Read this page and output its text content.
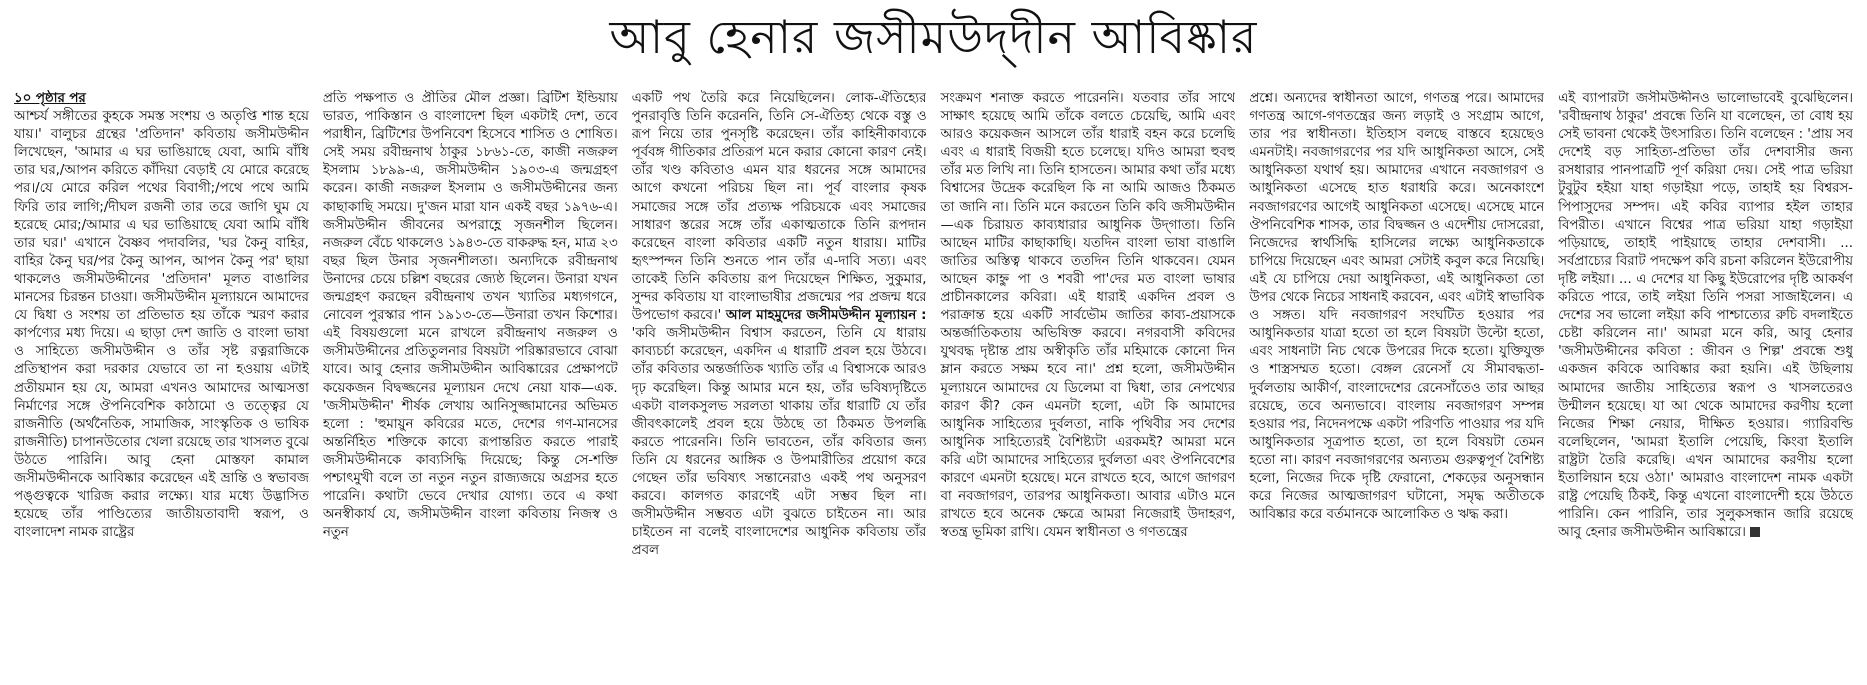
আবু হেনার জসীমউদ্‌দীন আবিষ্কার

১০ পৃষ্ঠার পর
আশ্চর্য সঙ্গীতের কুহকে সমস্ত সংশয় ও অতৃপ্তি শান্ত হয়ে যায়।' বালুচর গ্রন্থের 'প্রতিদান' কবিতায় জসীমউদ্দীন লিখেছেন, 'আমার এ ঘর ভাঙিয়াছে যেবা, আমি বাঁধি তার ঘর,/আপন করিতে কাঁদিয়া বেড়াই যে মোরে করেছে পর।/যে মোরে করিল পথের বিবাগী;/পথে পথে আমি ফিরি তার লাগি;/দীঘল রজনী তার তরে জাগি ঘুম যে হরেছে মোর;/আমার এ ঘর ভাঙিয়াছে যেবা আমি বাঁধি তার ঘর।' এখানে বৈষ্ণব পদাবলির, 'ঘর কৈনু বাহির, বাহির কৈনু ঘর/পর কৈনু আপন, আপন কৈনু পর' ছায়া থাকলেও জসীমউদ্দীনের 'প্রতিদান' মূলত বাঙালির মানসের চিরন্তন চাওয়া। জসীমউদ্দীন মূল্যায়নে আমাদের যে দ্বিধা ও সংশয় তা প্রতিভাত হয় তাঁকে স্মরণ করার কার্পণ্যের মধ্য দিয়ে। এ ছাড়া দেশ জাতি ও বাংলা ভাষা ও সাহিত্যে জসীমউদ্দীন ও তাঁর সৃষ্ট রত্নরাজিকে প্রতিস্থাপন করা দরকার যেভাবে তা না হওয়ায় এটাই প্রতীয়মান হয় যে, আমরা এখনও আমাদের আত্মসত্তা নির্মাণের সঙ্গে ঔপনিবেশিক কাঠামো ও তত্ত্বের যে রাজনীতি (অর্থনৈতিক, সামাজিক, সাংস্কৃতিক ও ভাষিক রাজনীতি) চাপানউতোর খেলা রয়েছে তার খাসলত বুঝে উঠতে পারিনি। আবু হেনা মোস্তফা কামাল জসীমউদ্দীনকে আবিষ্কার করেছেন এই ভ্রান্তি ও স্বভাবজ পঙ্গুত্বকে খারিজ করার লক্ষ্যে। যার মধ্যে উদ্ভাসিত হয়েছে তাঁর পাণ্ডিত্যের জাতীয়তাবাদী স্বরূপ, ও বাংলাদেশ নামক রাষ্ট্রের

প্রতি পক্ষপাত ও প্রীতির মৌল প্রজ্ঞা। ব্রিটিশ ইন্ডিয়ায় ভারত, পাকিস্তান ও বাংলাদেশ ছিল একটাই দেশ, তবে পরাধীন, ব্রিটিশের উপনিবেশ হিসেবে শাসিত ও শোষিত। সেই সময় রবীন্দ্রনাথ ঠাকুর ১৮৬১-তে, কাজী নজরুল ইসলাম ১৮৯৯-এ, জসীমউদ্দীন ১৯০৩-এ জন্মগ্রহণ করেন। কাজী নজরুল ইসলাম ও জসীমউদ্দীনের জন্য কাছাকাছি সময়ে। দু'জন মারা যান একই বছর ১৯৭৬-এ। জসীমউদ্দীন জীবনের অপরাহ্ণে সৃজনশীল ছিলেন। নজরুল বেঁচে থাকলেও ১৯৪৩-তে বাকরুদ্ধ হন, মাত্র ২৩ বছর ছিল উনার সৃজনশীলতা। অন্যদিকে রবীন্দ্রনাথ উনাদের চেয়ে চল্লিশ বছরের জ্যেষ্ঠ ছিলেন। উনারা যখন জন্মগ্রহণ করছেন রবীন্দ্রনাথ তখন খ্যাতির মধ্যগগনে, নোবেল পুরস্কার পান ১৯১৩-তে—উনারা তখন কিশোর। এই বিষয়গুলো মনে রাখলে রবীন্দ্রনাথ নজরুল ও জসীমউদ্দীনের প্রতিতুলনার বিষয়টা পরিষ্কারভাবে বোঝা যাবে। আবু হেনার জসীমউদ্দীন আবিষ্কারের প্রেক্ষাপটে কয়েকজন বিদ্বজ্জনের মূল্যায়ন দেখে নেয়া যাক—এক. 'জসীমউদ্দীন' শীর্ষক লেখায় আনিসুজ্জামানের অভিমত হলো : 'হুমায়ুন কবিরের মতে, দেশের গণ-মানসের অন্তর্নিহিত শক্তিকে কাব্যে রূপান্তরিত করতে পারাই জসীমউদ্দীনকে কাব্যসিদ্ধি দিয়েছে; কিন্তু সে-শক্তি পশ্চাৎমুখী বলে তা নতুন নতুন রাজ্যজয়ে অগ্রসর হতে পারেনি। কথাটা ভেবে দেখার যোগ্য। তবে এ কথা অনস্বীকার্য যে, জসীমউদ্দীন বাংলা কবিতায় নিজস্ব ও নতুন

একটি পথ তৈরি করে নিয়েছিলেন। লোক-ঐতিহ্যের পুনরাবৃত্তি তিনি করেননি, তিনি সে-ঐতিহ্য থেকে বস্তু ও রূপ নিয়ে তার পুনসৃষ্টি করেছেন। তাঁর কাহিনীকাব্যকে পূর্ববঙ্গ গীতিকার প্রতিরূপ মনে করার কোনো কারণ নেই। তাঁর খণ্ড কবিতাও এমন যার ধরনের সঙ্গে আমাদের আগে কখনো পরিচয় ছিল না। পূর্ব বাংলার কৃষক সমাজের সঙ্গে তাঁর প্রত্যক্ষ পরিচয়কে এবং সমাজের সাধারণ স্তরের সঙ্গে তাঁর একাত্মতাকে তিনি রূপদান করেছেন বাংলা কবিতার একটি নতুন ধারায়। মাটির হৃৎস্পন্দন তিনি শুনতে পান তাঁর এ-দাবি সত্য। এবং তাকেই তিনি কবিতায় রূপ দিয়েছেন শিক্ষিত, সুকুমার, সুন্দর কবিতায় যা বাংলাভাষীর প্রজন্মের পর প্রজন্ম ধরে উপভোগ করবে।' আল মাহমুদের জসীমউদ্দীন মূল্যায়ন : 'কবি জসীমউদ্দীন বিশ্বাস করতেন, তিনি যে ধারায় কাব্যচর্চা করেছেন, একদিন এ ধারাটি প্রবল হয়ে উঠবে। তাঁর কবিতার অন্তর্জাতিক খ্যাতি তাঁর এ বিশ্বাসকে আরও দৃঢ় করেছিল। কিন্তু আমার মনে হয়, তাঁর ভবিষ্যদৃষ্টিতে একটা বালকসুলভ সরলতা থাকায় তাঁর ধারাটি যে তাঁর জীবৎকালেই প্রবল হয়ে উঠছে তা ঠিকমত উপলব্ধি করতে পারেননি। তিনি ভাবতেন, তাঁর কবিতার জন্য তিনি যে ধরনের আঙ্গিক ও উপমারীতির প্রয়োগ করে গেছেন তাঁর ভবিষ্যৎ সন্তানেরাও একই পথ অনুসরণ করবে। কালগত কারণেই এটা সম্ভব ছিল না। জসীমউদ্দীন সম্ভবত এটা বুঝতে চাইতেন না। আর চাইতেন না বলেই বাংলাদেশের আধুনিক কবিতায় তাঁর প্রবল

সংক্রমণ শনাক্ত করতে পারেননি। যতবার তাঁর সাথে সাক্ষাৎ হয়েছে আমি তাঁকে বলতে চেয়েছি, আমি এবং আরও কয়েকজন আসলে তাঁর ধারাই বহন করে চলেছি এবং এ ধারাই বিজয়ী হতে চলেছে। যদিও আমরা হুবহু তাঁর মত লিখি না। তিনি হাসতেন। আমার কথা তাঁর মধ্যে বিশ্বাসের উদ্রেক করেছিল কি না আমি আজও ঠিকমত তা জানি না। তিনি মনে করতেন তিনি কবি জসীমউদ্দীন—এক চিরায়ত কাব্যধারার আধুনিক উদ্‌গাতা। তিনি আছেন মাটির কাছাকাছি। যতদিন বাংলা ভাষা বাঙালি জাতির অস্তিত্ব থাকবে ততদিন তিনি থাকবেন। যেমন আছেন কাহ্নু পা ও শবরী পা'দের মত বাংলা ভাষার প্রাচীনকালের কবিরা। এই ধারাই একদিন প্রবল ও পরাক্রান্ত হয়ে একটি সার্বভৌম জাতির কাব্য-প্রয়াসকে অন্তর্জাতিকতায় অভিষিক্ত করবে। নগরবাসী কবিদের যুথবদ্ধ দৃষ্টান্ত প্রায় অস্বীকৃতি তাঁর মহিমাকে কোনো দিন ম্লান করতে সক্ষম হবে না।' প্রশ্ন হলো, জসীমউদ্দীন মূল্যায়নে আমাদের যে ডিলেমা বা দ্বিধা, তার নেপথ্যের কারণ কী? কেন এমনটা হলো, এটা কি আমাদের আধুনিক সাহিত্যের দুর্বলতা, নাকি পৃথিবীর সব দেশের আধুনিক সাহিত্যেরই বৈশিষ্ট্যটা এরকমই? আমরা মনে করি এটা আমাদের সাহিত্যের দুর্বলতা এবং ঔপনিবেশের কারণে এমনটা হয়েছে। মনে রাখতে হবে, আগে জাগরণ বা নবজাগরণ, তারপর আধুনিকতা। আবার এটাও মনে রাখতে হবে অনেক ক্ষেত্রে আমরা নিজেরাই উদাহরণ, স্বতন্ত্র ভূমিকা রাখি। যেমন স্বাধীনতা ও গণতন্ত্রের

প্রশ্নে। অন্যদের স্বাধীনতা আগে, গণতন্ত্র পরে। আমাদের গণতন্ত্র আগে-গণতন্ত্রের জন্য লড়াই ও সংগ্রাম আগে, তার পর স্বাধীনতা। ইতিহাস বলছে বাস্তবে হয়েছেও এমনটাই। নবজাগরণের পর যদি আধুনিকতা আসে, সেই আধুনিকতা যথার্থ হয়। আমাদের এখানে নবজাগরণ ও আধুনিকতা এসেছে হাত ধরাধরি করে। অনেকাংশে নবজাগরণের আগেই আধুনিকতা এসেছে। এসেছে মানে ঔপনিবেশিক শাসক, তার বিদ্বজ্জন ও এদেশীয় দোসরেরা, নিজেদের স্বার্থসিদ্ধি হাসিলের লক্ষ্যে আধুনিকতাকে চাপিয়ে দিয়েছেন এবং আমরা সেটাই কবুল করে নিয়েছি। এই যে চাপিয়ে দেয়া আধুনিকতা, এই আধুনিকতা তো উপর থেকে নিচের সাধনাই করবেন, এবং এটাই স্বাভাবিক ও সঙ্গত। যদি নবজাগরণ সংঘটিত হওয়ার পর আধুনিকতার যাত্রা হতো তা হলে বিষয়টা উল্টো হতো, এবং সাধনাটা নিচ থেকে উপরের দিকে হতো। যুক্তিযুক্ত ও শাস্ত্রসম্মত হতো। বেঙ্গল রেনেসাঁ যে সীমাবদ্ধতা-দুর্বলতায় আকীর্ণ, বাংলাদেশের রেনেসাঁতেও তার আছর রয়েছে, তবে অন্যভাবে। বাংলায় নবজাগরণ সম্পন্ন হওয়ার পর, নিদেনপক্ষে একটা পরিণতি পাওয়ার পর যদি আধুনিকতার সূত্রপাত হতো, তা হলে বিষয়টা তেমন হতো না। কারণ নবজাগরণের অন্যতম গুরুত্বপূর্ণ বৈশিষ্ট্য হলো, নিজের দিকে দৃষ্টি ফেরানো, শেকড়ের অনুসন্ধান করে নিজের আত্মজাগরণ ঘটানো, সমৃদ্ধ অতীতকে আবিষ্কার করে বর্তমানকে আলোকিত ও ঋদ্ধ করা।

এই ব্যাপারটা জসীমউদ্দীনও ভালোভাবেই বুঝেছিলেন। 'রবীন্দ্রনাথ ঠাকুর' প্রবন্ধে তিনি যা বলেছেন, তা বোধ হয় সেই ভাবনা থেকেই উৎসারিত। তিনি বলেছেন : 'প্রায় সব দেশেই বড় সাহিত্য-প্রতিভা তাঁর দেশবাসীর জন্য রসধারার পানপাত্রটি পূর্ণ করিয়া দেয়। সেই পাত্র ভরিয়া টুবুটুব হইয়া যাহা গড়াইয়া পড়ে, তাহাই হয় বিশ্বরস-পিপাসুদের সম্পদ। এই কবির ব্যাপার হইল তাহার বিপরীত। এখানে বিশ্বের পাত্র ভরিয়া যাহা গড়াইয়া পড়িয়াছে, তাহাই পাইয়াছে তাহার দেশবাসী। ... সর্বপ্রাচ্যের বিরাট পদক্ষেপ কবি রচনা করিলেন ইউরোপীয় দৃষ্টি লইয়া। ... এ দেশের যা কিছু ইউরোপের দৃষ্টি আকর্ষণ করিতে পারে, তাই লইয়া তিনি পসরা সাজাইলেন। এ দেশের সব ভালো লইয়া কবি পাশ্চাত্যের রুচি বদলাইতে চেষ্টা করিলেন না।' আমরা মনে করি, আবু হেনার 'জসীমউদ্দীনের কবিতা : জীবন ও শিল্প' প্রবন্ধে শুধু একজন কবিকে আবিষ্কার করা হয়নি। এই উছিলায় আমাদের জাতীয় সাহিত্যের স্বরূপ ও খাসলতেরও উন্মীলন হয়েছে। যা আ থেকে আমাদের করণীয় হলো নিজের শিক্ষা নেয়ার, দীক্ষিত হওয়ার। গ্যারিবল্ডি বলেছিলেন, 'আমরা ইতালি পেয়েছি, কিংবা ইতালি রাষ্ট্রটা তৈরি করেছি। এখন আমাদের করণীয় হলো ইতালিয়ান হয়ে ওঠা।' আমরাও বাংলাদেশ নামক একটা রাষ্ট্র পেয়েছি ঠিকই, কিন্তু এখনো বাংলাদেশী হয়ে উঠতে পারিনি। কেন পারিনি, তার সুলুকসন্ধান জারি রয়েছে আবু হেনার জসীমউদ্দীন আবিষ্কারে।
